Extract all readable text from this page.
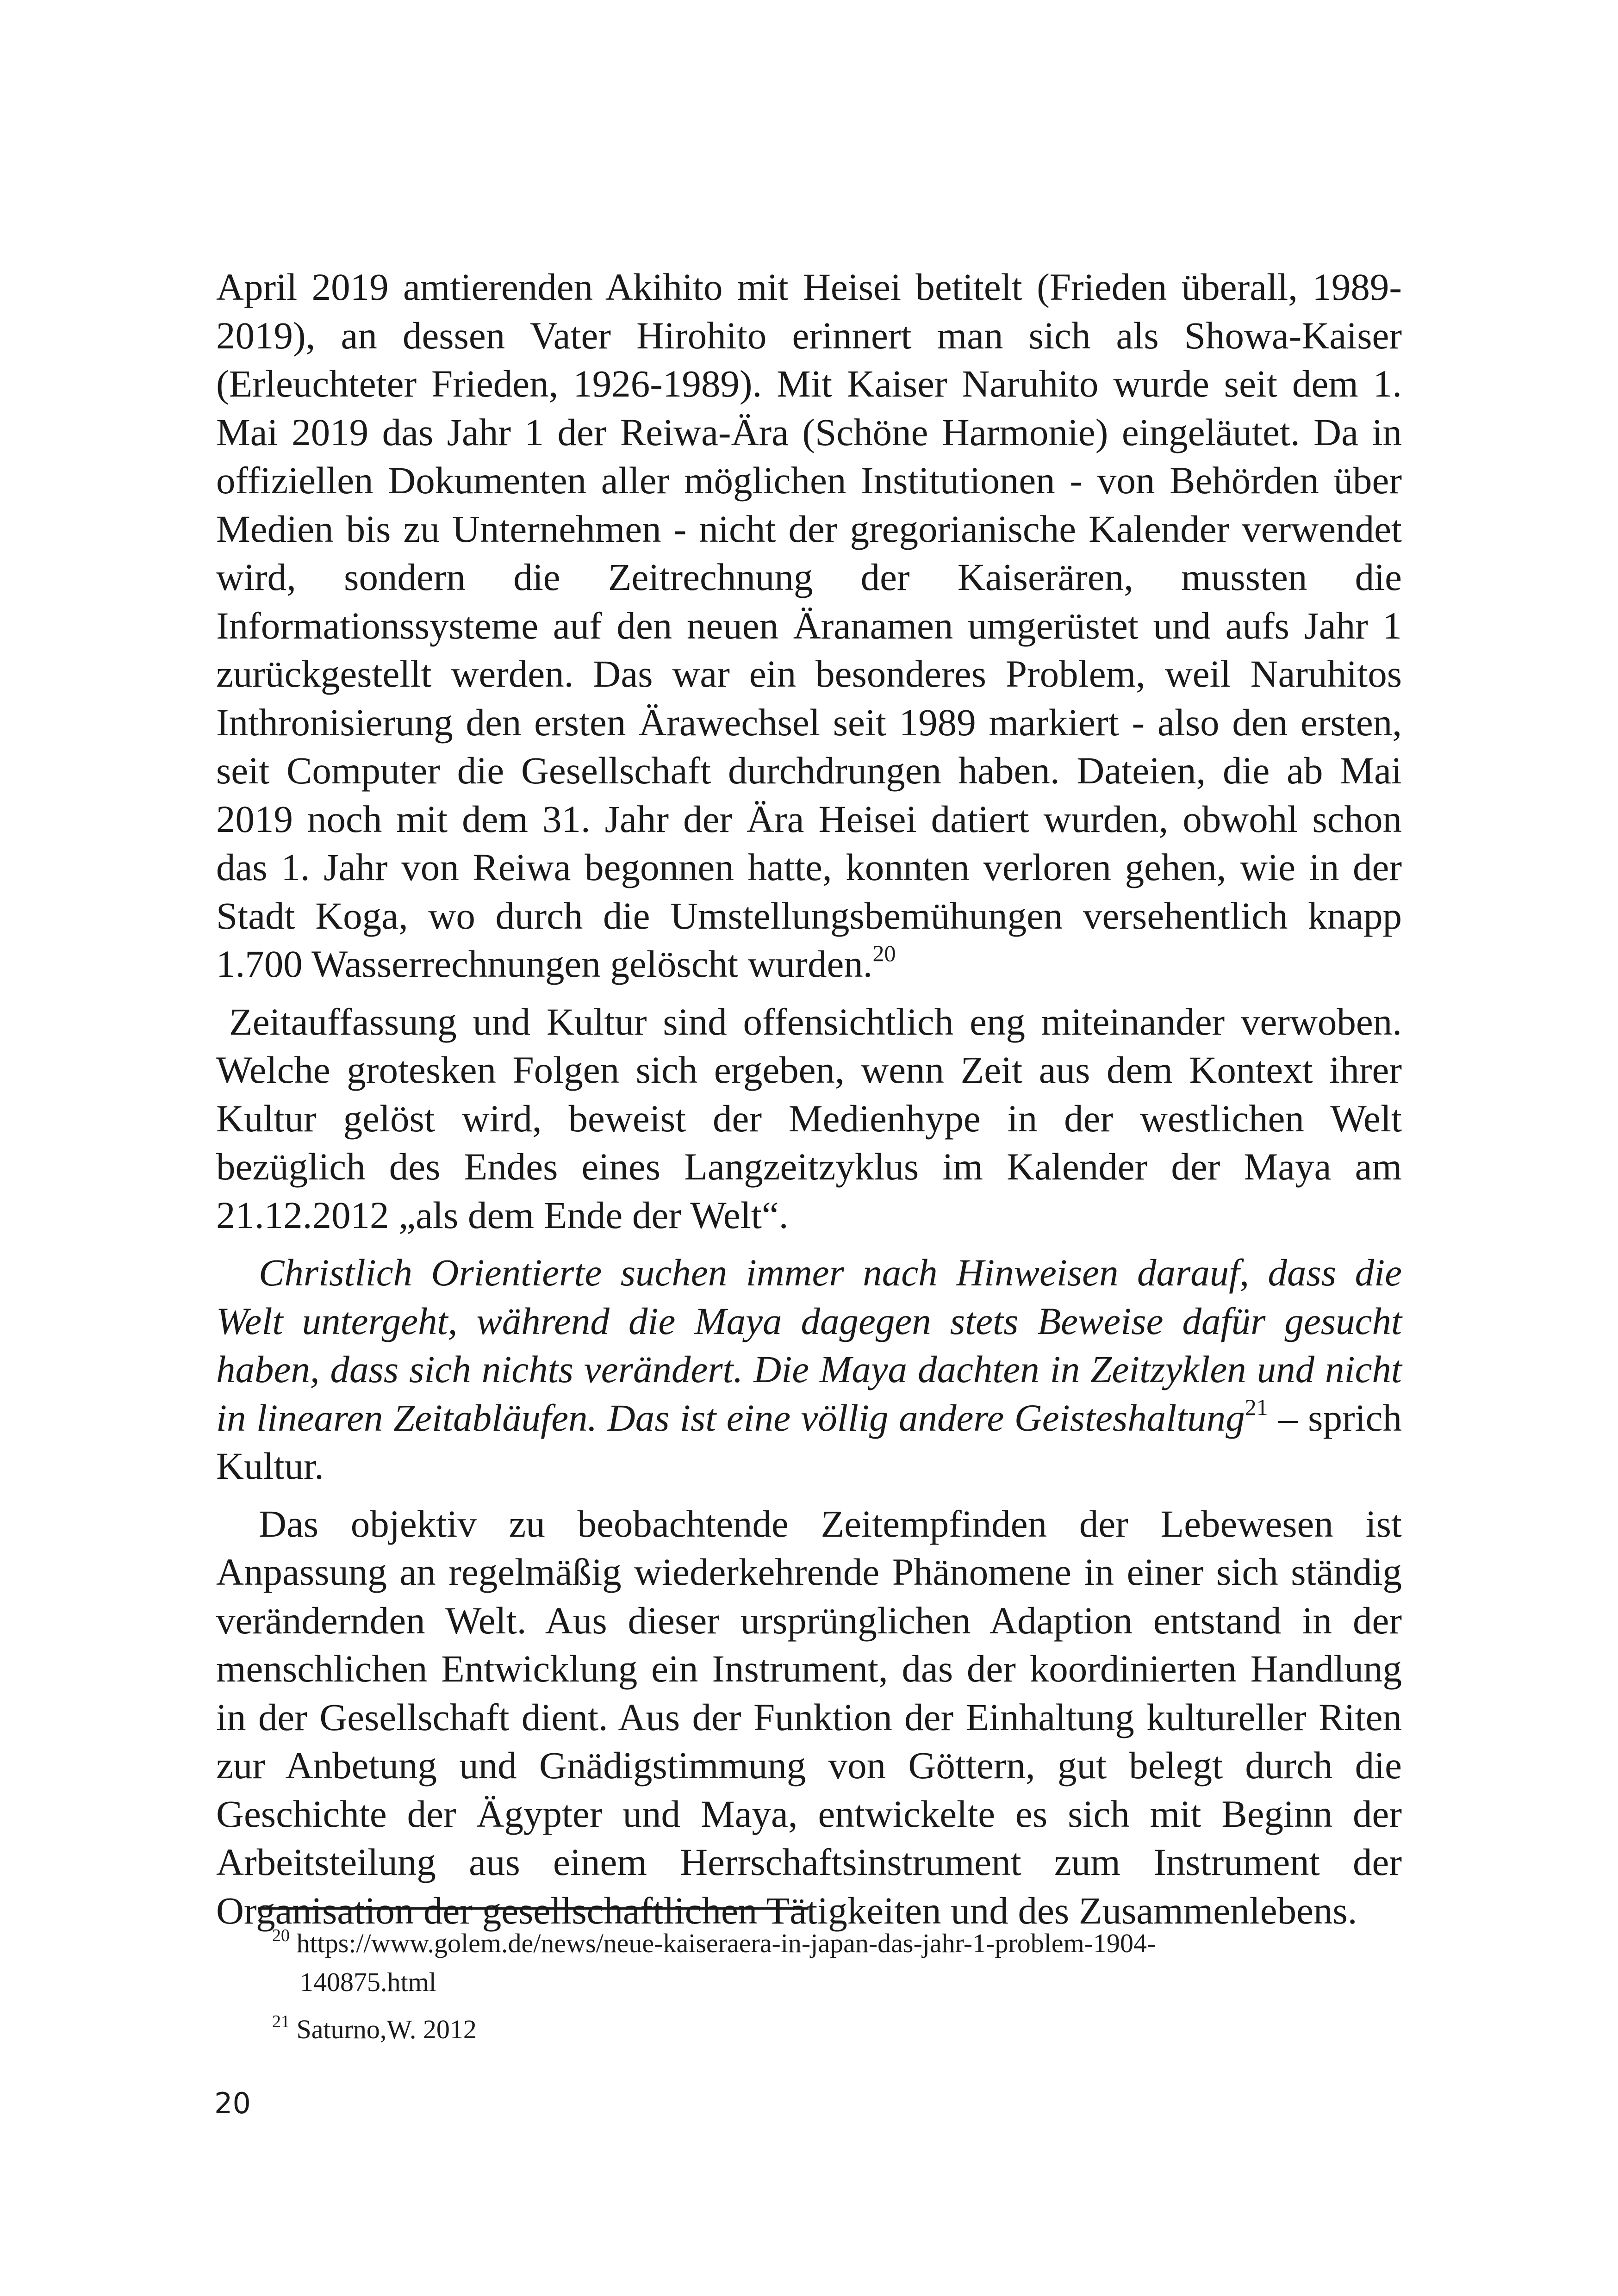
April 2019 amtierenden Akihito mit Heisei betitelt (Frieden überall, 1989-2019), an dessen Vater Hirohito erinnert man sich als Showa-Kaiser (Erleuchteter Frieden, 1926-1989). Mit Kaiser Naruhito wurde seit dem 1. Mai 2019 das Jahr 1 der Reiwa-Ära (Schöne Harmonie) eingeläutet. Da in offiziellen Dokumenten aller möglichen Institutionen - von Behörden über Medien bis zu Unternehmen - nicht der gregorianische Kalender verwendet wird, sondern die Zeitrechnung der Kaiserären, mussten die Informationssysteme auf den neuen Äranamen umgerüstet und aufs Jahr 1 zurückgestellt werden. Das war ein besonderes Problem, weil Naruhitos Inthronisierung den ersten Ärawechsel seit 1989 markiert - also den ersten, seit Computer die Gesellschaft durchdrungen haben. Dateien, die ab Mai 2019 noch mit dem 31. Jahr der Ära Heisei datiert wurden, obwohl schon das 1. Jahr von Reiwa begonnen hatte, konnten verloren gehen, wie in der Stadt Koga, wo durch die Umstellungsbemühungen versehentlich knapp 1.700 Wasserrechnungen gelöscht wurden.$^{20}$

Zeitauffassung und Kultur sind offensichtlich eng miteinander verwoben. Welche grotesken Folgen sich ergeben, wenn Zeit aus dem Kontext ihrer Kultur gelöst wird, beweist der Medienhype in der westlichen Welt bezüglich des Endes eines Langzeitzyklus im Kalender der Maya am 21.12.2012 „als dem Ende der Welt“.

Christlich Orientierte suchen immer nach Hinweisen darauf, dass die Welt untergeht, während die Maya dagegen stets Beweise dafür gesucht haben, dass sich nichts verändert. Die Maya dachten in Zeitzyklen und nicht in linearen Zeitabläufen. Das ist eine völlig andere Geisteshaltung$^{21}$ – sprich Kultur.

Das objektiv zu beobachtende Zeitempfinden der Lebewesen ist Anpassung an regelmäßig wiederkehrende Phänomene in einer sich ständig verändernden Welt. Aus dieser ursprünglichen Adaption entstand in der menschlichen Entwicklung ein Instrument, das der koordinierten Handlung in der Gesellschaft dient. Aus der Funktion der Einhaltung kultureller Riten zur Anbetung und Gnädigstimmung von Göttern, gut belegt durch die Geschichte der Ägypter und Maya, entwickelte es sich mit Beginn der Arbeitsteilung aus einem Herrschaftsinstrument zum Instrument der Organisation der gesellschaftlichen Tätigkeiten und des Zusammenlebens.

$^{20}$ https://www.golem.de/news/neue-kaiseraera-in-japan-das-jahr-1-problem-1904-
140875.html

$^{21}$ Saturno,W. 2012

20
